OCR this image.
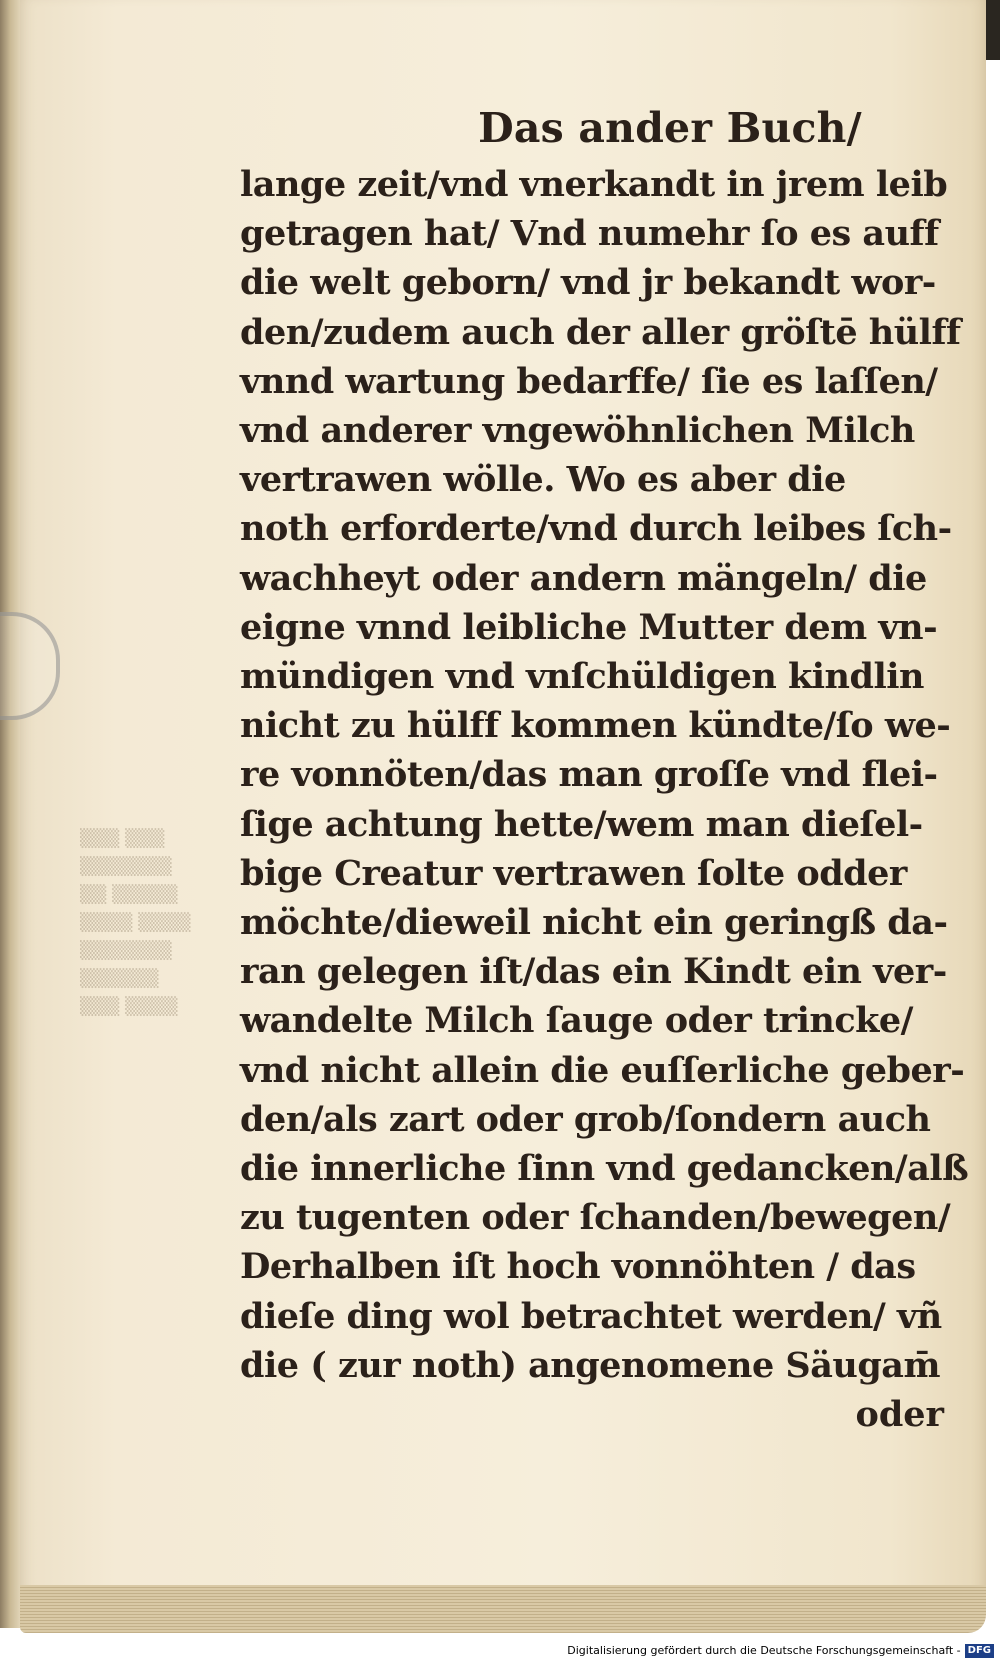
▒▒▒ ▒▒▒
▒▒▒▒▒▒▒
▒▒ ▒▒▒▒▒
▒▒▒▒ ▒▒▒▒
▒▒▒▒▒▒▒
▒▒▒▒▒▒
▒▒▒ ▒▒▒▒
Das ander Buch/
lange zeit/vnd vnerkandt in jrem leib
getragen hat/ Vnd numehr ſo es auff
die welt geborn/ vnd jr bekandt wor-
den/zudem auch der aller gröſtē hülff
vnnd wartung bedarffe/ ſie es laſſen/
vnd anderer vngewöhnlichen Milch
vertrawen wölle. Wo es aber die
noth erforderte/vnd durch leibes ſch-
wachheyt oder andern mängeln/ die
eigne vnnd leibliche Mutter dem vn-
mündigen vnd vnſchüldigen kindlin
nicht zu hülff kommen kündte/ſo we-
re vonnöten/das man groſſe vnd flei-
ſige achtung hette/wem man dieſel-
bige Creatur vertrawen ſolte odder
möchte/dieweil nicht ein geringß da-
ran gelegen iſt/das ein Kindt ein ver-
wandelte Milch ſauge oder trincke/
vnd nicht allein die euſſerliche geber-
den/als zart oder grob/ſondern auch
die innerliche ſinn vnd gedancken/alß
zu tugenten oder ſchanden/bewegen/
Derhalben iſt hoch vonnöhten / das
dieſe ding wol betrachtet werden/ vñ
die ( zur noth) angenomene Säugam̄
oder
Digitalisierung gefördert durch die Deutsche Forschungsgemeinschaft - DFG
